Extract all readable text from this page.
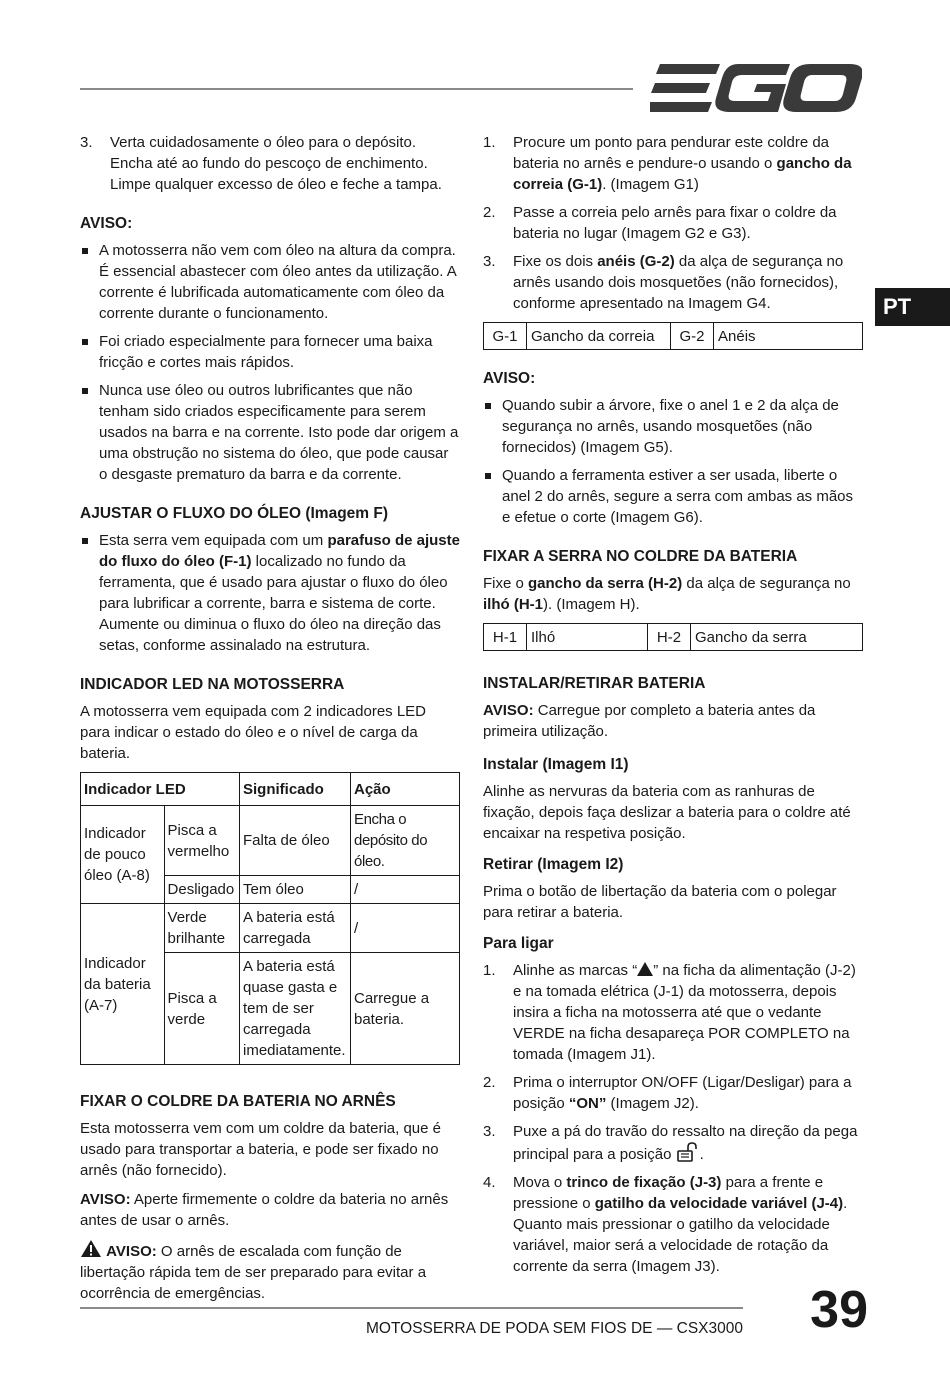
PT
3. Verta cuidadosamente o óleo para o depósito. Encha até ao fundo do pescoço de enchimento. Limpe qualquer excesso de óleo e feche a tampa.
AVISO:
A motosserra não vem com óleo na altura da compra. É essencial abastecer com óleo antes da utilização. A corrente é lubrificada automaticamente com óleo da corrente durante o funcionamento.
Foi criado especialmente para fornecer uma baixa fricção e cortes mais rápidos.
Nunca use óleo ou outros lubrificantes que não tenham sido criados especificamente para serem usados na barra e na corrente. Isto pode dar origem a uma obstrução no sistema do óleo, que pode causar o desgaste prematuro da barra e da corrente.
AJUSTAR O FLUXO DO ÓLEO (Imagem F)
Esta serra vem equipada com um parafuso de ajuste do fluxo do óleo (F-1) localizado no fundo da ferramenta, que é usado para ajustar o fluxo do óleo para lubrificar a corrente, barra e sistema de corte. Aumente ou diminua o fluxo do óleo na direção das setas, conforme assinalado na estrutura.
INDICADOR LED NA MOTOSSERRA

A motosserra vem equipada com 2 indicadores LED para indicar o estado do óleo e o nível de carga da bateria.

Indicador LED		Significado	Ação
Indicador de pouco óleo (A-8)	Pisca a vermelho	Falta de óleo	Encha o depósito do óleo.
	Desligado	Tem óleo	/
Indicador da bateria (A-7)	Verde brilhante	A bateria está carregada	/
	Pisca a verde	A bateria está quase gasta e tem de ser carregada imediatamente.	Carregue a bateria.
FIXAR O COLDRE DA BATERIA NO ARNÊS

Esta motosserra vem com um coldre da bateria, que é usado para transportar a bateria, e pode ser fixado no arnês (não fornecido).

AVISO: Aperte firmemente o coldre da bateria no arnês antes de usar o arnês.

AVISO: O arnês de escalada com função de libertação rápida tem de ser preparado para evitar a ocorrência de emergências.

1. Procure um ponto para pendurar este coldre da bateria no arnês e pendure-o usando o gancho da correia (G-1). (Imagem G1)
2. Passe a correia pelo arnês para fixar o coldre da bateria no lugar (Imagem G2 e G3).
3. Fixe os dois anéis (G-2) da alça de segurança no arnês usando dois mosquetões (não fornecidos), conforme apresentado na Imagem G4.
G-1	Gancho da correia	G-2	Anéis
AVISO:
Quando subir a árvore, fixe o anel 1 e 2 da alça de segurança no arnês, usando mosquetões (não fornecidos) (Imagem G5).
Quando a ferramenta estiver a ser usada, liberte o anel 2 do arnês, segure a serra com ambas as mãos e efetue o corte (Imagem G6).
FIXAR A SERRA NO COLDRE DA BATERIA

Fixe o gancho da serra (H-2) da alça de segurança no ilhó (H-1). (Imagem H).

H-1	Ilhó	H-2	Gancho da serra
INSTALAR/RETIRAR BATERIA

AVISO: Carregue por completo a bateria antes da primeira utilização.

Instalar (Imagem I1)

Alinhe as nervuras da bateria com as ranhuras de fixação, depois faça deslizar a bateria para o coldre até encaixar na respetiva posição.

Retirar (Imagem I2)

Prima o botão de libertação da bateria com o polegar para retirar a bateria.

Para ligar
1. Alinhe as marcas “ ” na ficha da alimentação (J-2) e na tomada elétrica (J-1) da motosserra, depois insira a ficha na motosserra até que o vedante VERDE na ficha desapareça POR COMPLETO na tomada (Imagem J1).
2. Prima o interruptor ON/OFF (Ligar/Desligar) para a posição “ON” (Imagem J2).
3. Puxe a pá do travão do ressalto na direção da pega principal para a posição .
4. Mova o trinco de fixação (J-3) para a frente e pressione o gatilho da velocidade variável (J-4). Quanto mais pressionar o gatilho da velocidade variável, maior será a velocidade de rotação da corrente da serra (Imagem J3).
MOTOSSERRA DE PODA SEM FIOS DE — CSX3000 39
